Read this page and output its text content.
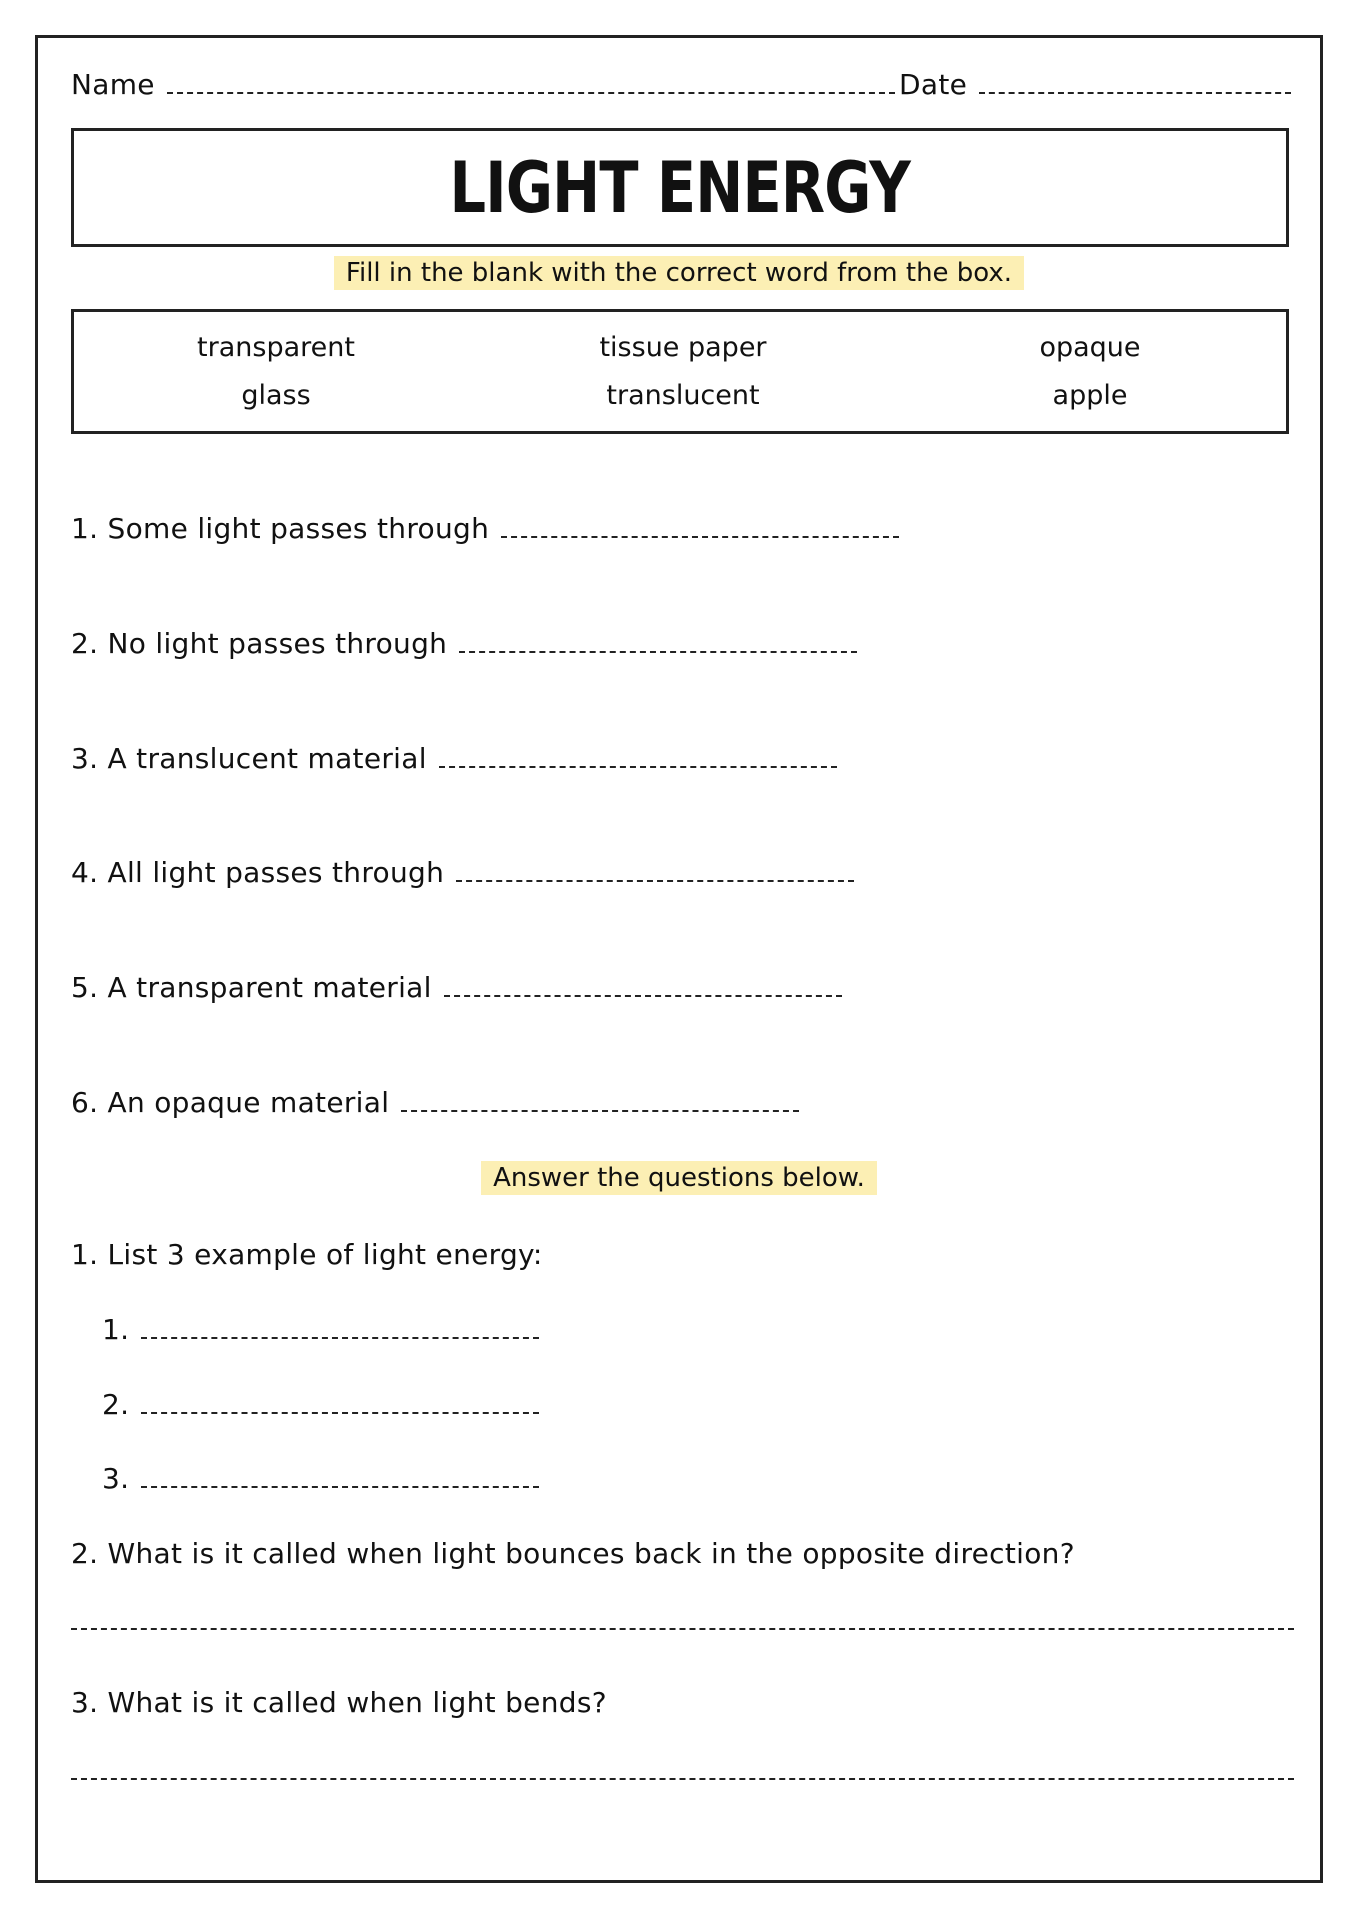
Name	Date
LIGHT ENERGY
Fill in the blank with the correct word from the box.
transparent	tissue paper	opaque
glass	translucent	apple
1. Some light passes through
2. No light passes through
3. A translucent material
4. All light passes through
5. A transparent material
6. An opaque material
Answer the questions below.
1. List 3 example of light energy:
1.
2.
3.
2. What is it called when light bounces back in the opposite direction?
3. What is it called when light bends?
